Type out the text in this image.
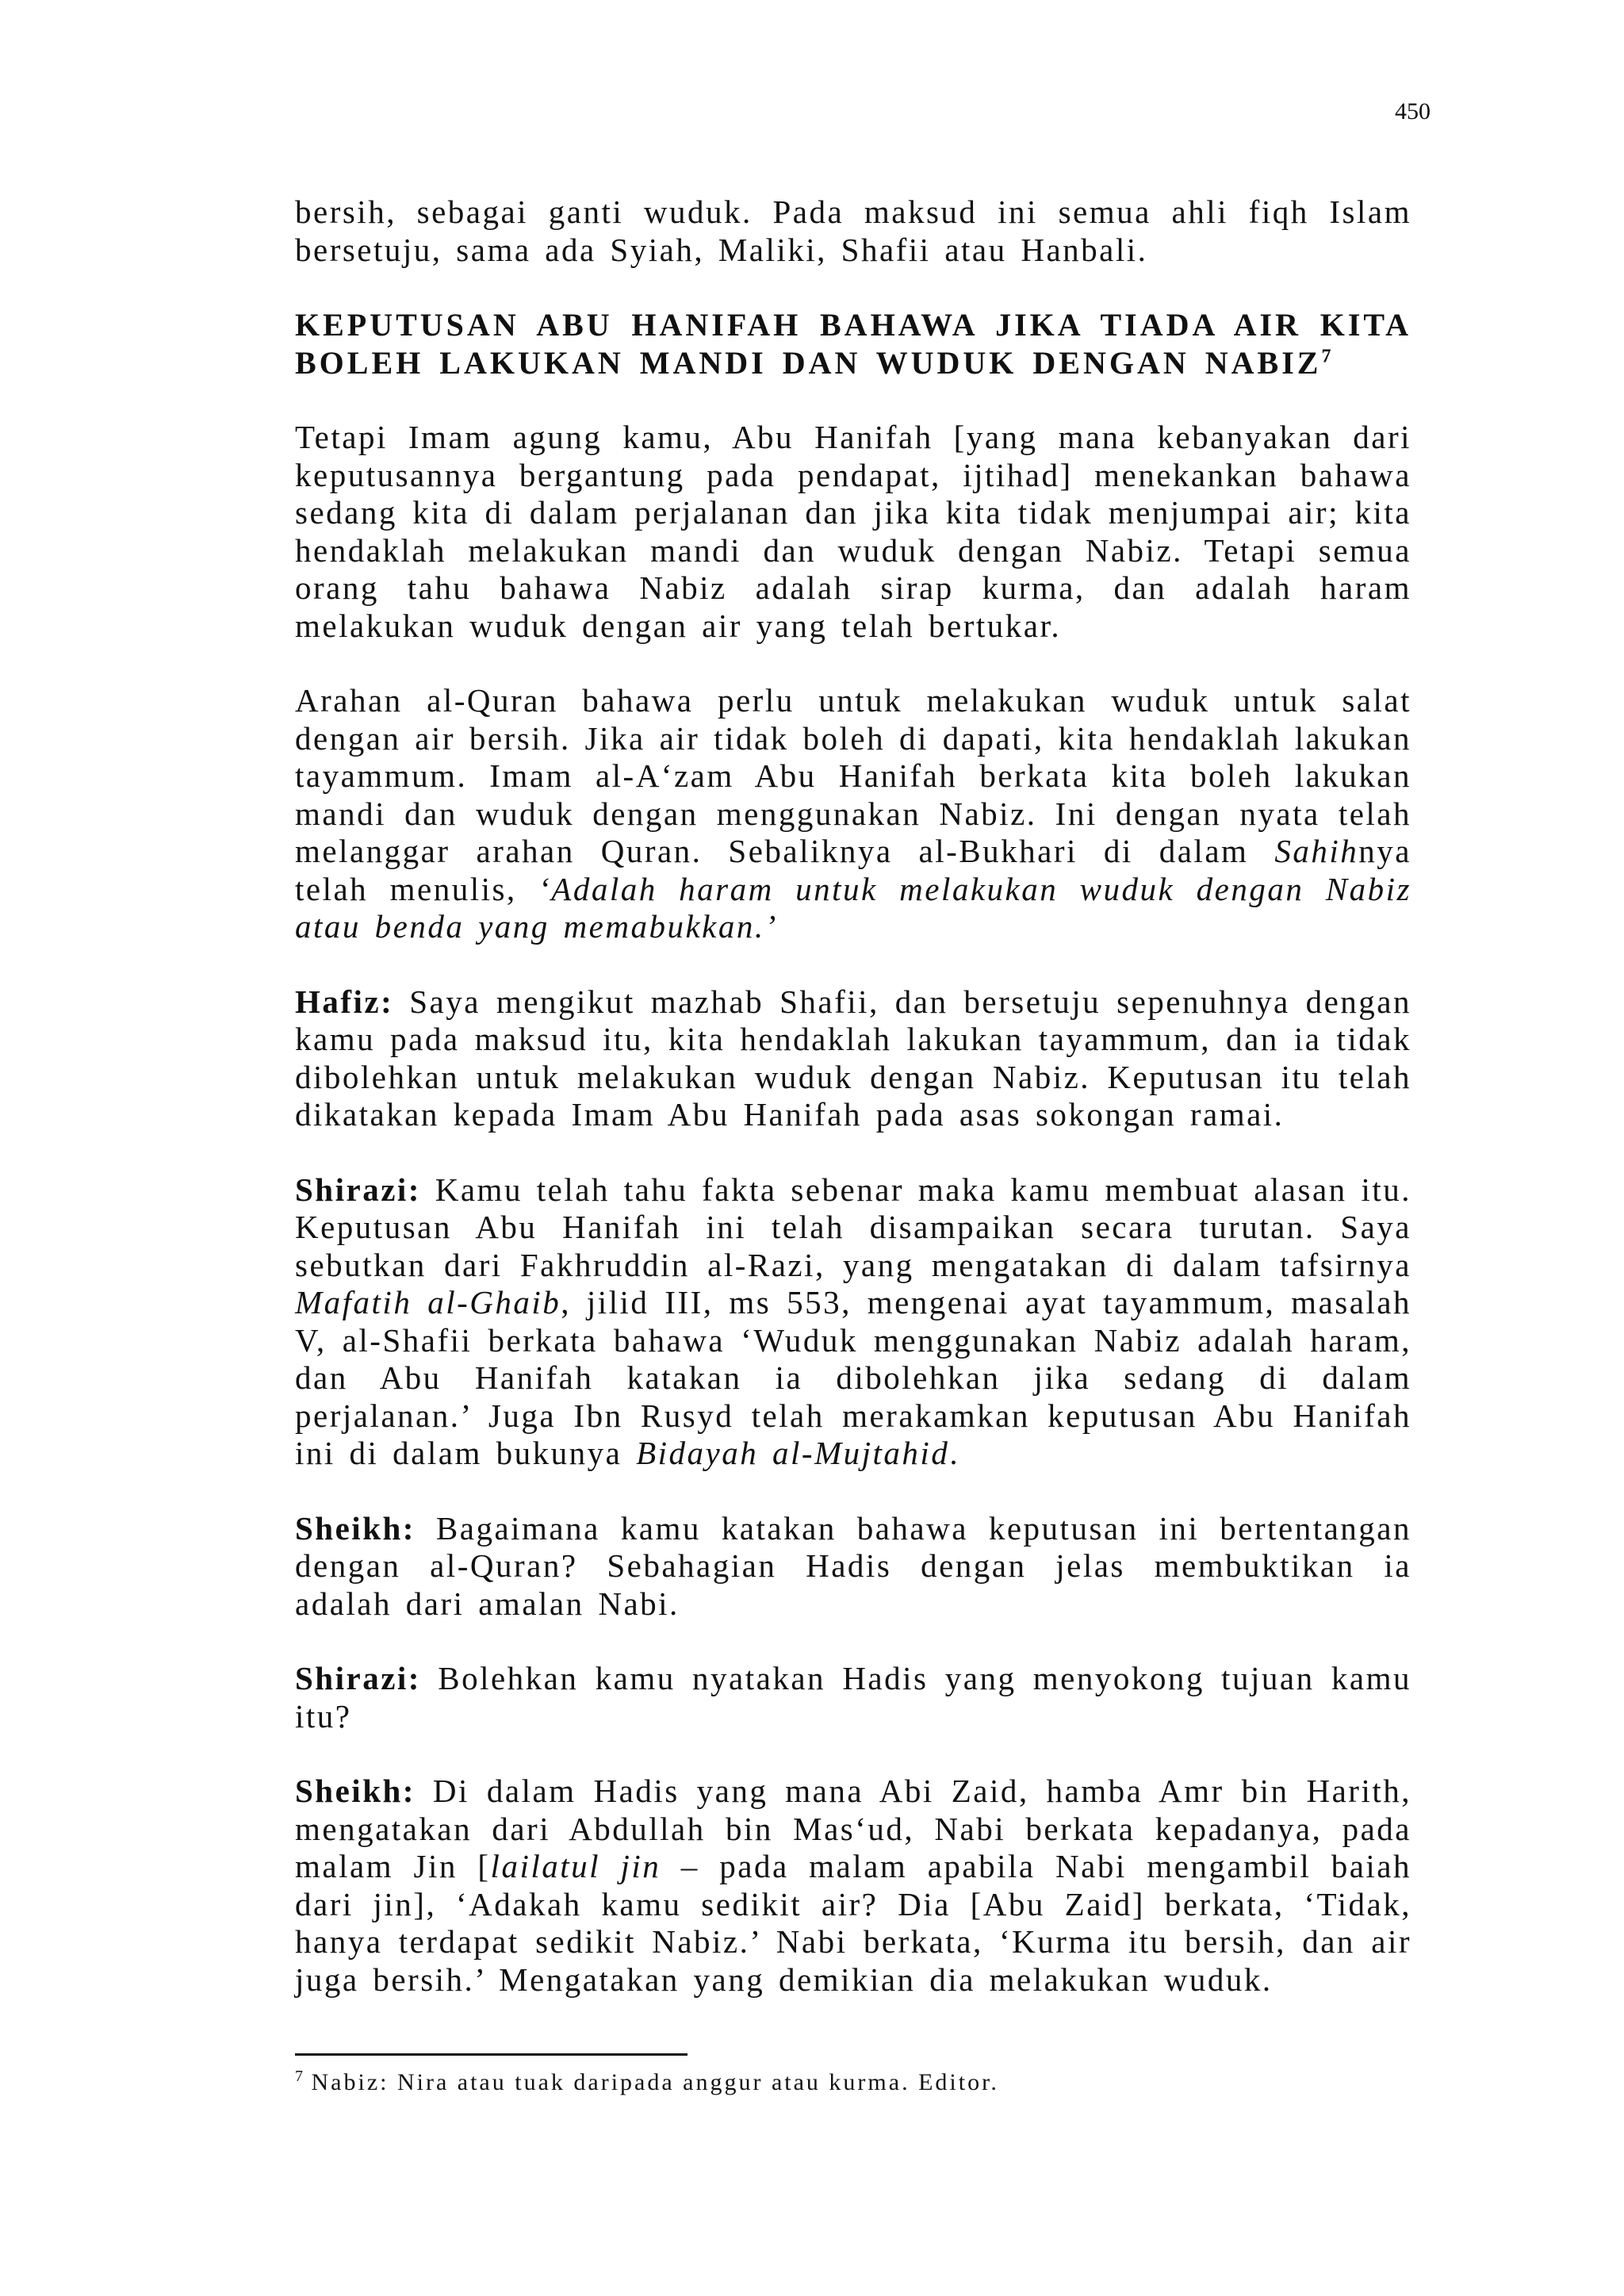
450

bersih, sebagai ganti wuduk. Pada maksud ini semua ahli fiqh Islam bersetuju, sama ada Syiah, Maliki, Shafii atau Hanbali.

KEPUTUSAN ABU HANIFAH BAHAWA JIKA TIADA AIR KITA BOLEH LAKUKAN MANDI DAN WUDUK DENGAN NABIZ$^7$

Tetapi Imam agung kamu, Abu Hanifah [yang mana kebanyakan dari keputusannya bergantung pada pendapat, ijtihad] menekankan bahawa sedang kita di dalam perjalanan dan jika kita tidak menjumpai air; kita hendaklah melakukan mandi dan wuduk dengan Nabiz. Tetapi semua orang tahu bahawa Nabiz adalah sirap kurma, dan adalah haram melakukan wuduk dengan air yang telah bertukar.

Arahan al-Quran bahawa perlu untuk melakukan wuduk untuk salat dengan air bersih. Jika air tidak boleh di dapati, kita hendaklah lakukan tayammum. Imam al-A‘zam Abu Hanifah berkata kita boleh lakukan mandi dan wuduk dengan menggunakan Nabiz. Ini dengan nyata telah melanggar arahan Quran. Sebaliknya al-Bukhari di dalam Sahihnya telah menulis, ‘Adalah haram untuk melakukan wuduk dengan Nabiz atau benda yang memabukkan.’

Hafiz: Saya mengikut mazhab Shafii, dan bersetuju sepenuhnya dengan kamu pada maksud itu, kita hendaklah lakukan tayammum, dan ia tidak dibolehkan untuk melakukan wuduk dengan Nabiz. Keputusan itu telah dikatakan kepada Imam Abu Hanifah pada asas sokongan ramai.

Shirazi: Kamu telah tahu fakta sebenar maka kamu membuat alasan itu. Keputusan Abu Hanifah ini telah disampaikan secara turutan. Saya sebutkan dari Fakhruddin al-Razi, yang mengatakan di dalam tafsirnya Mafatih al-Ghaib, jilid III, ms 553, mengenai ayat tayammum, masalah V, al-Shafii berkata bahawa ‘Wuduk menggunakan Nabiz adalah haram, dan Abu Hanifah katakan ia dibolehkan jika sedang di dalam perjalanan.’ Juga Ibn Rusyd telah merakamkan keputusan Abu Hanifah ini di dalam bukunya Bidayah al-Mujtahid.

Sheikh: Bagaimana kamu katakan bahawa keputusan ini bertentangan dengan al-Quran? Sebahagian Hadis dengan jelas membuktikan ia adalah dari amalan Nabi.

Shirazi: Bolehkan kamu nyatakan Hadis yang menyokong tujuan kamu itu?

Sheikh: Di dalam Hadis yang mana Abi Zaid, hamba Amr bin Harith, mengatakan dari Abdullah bin Mas‘ud, Nabi berkata kepadanya, pada malam Jin [lailatul jin – pada malam apabila Nabi mengambil baiah dari jin], ‘Adakah kamu sedikit air? Dia [Abu Zaid] berkata, ‘Tidak, hanya terdapat sedikit Nabiz.’ Nabi berkata, ‘Kurma itu bersih, dan air juga bersih.’ Mengatakan yang demikian dia melakukan wuduk.

$^7$ Nabiz: Nira atau tuak daripada anggur atau kurma. Editor.
